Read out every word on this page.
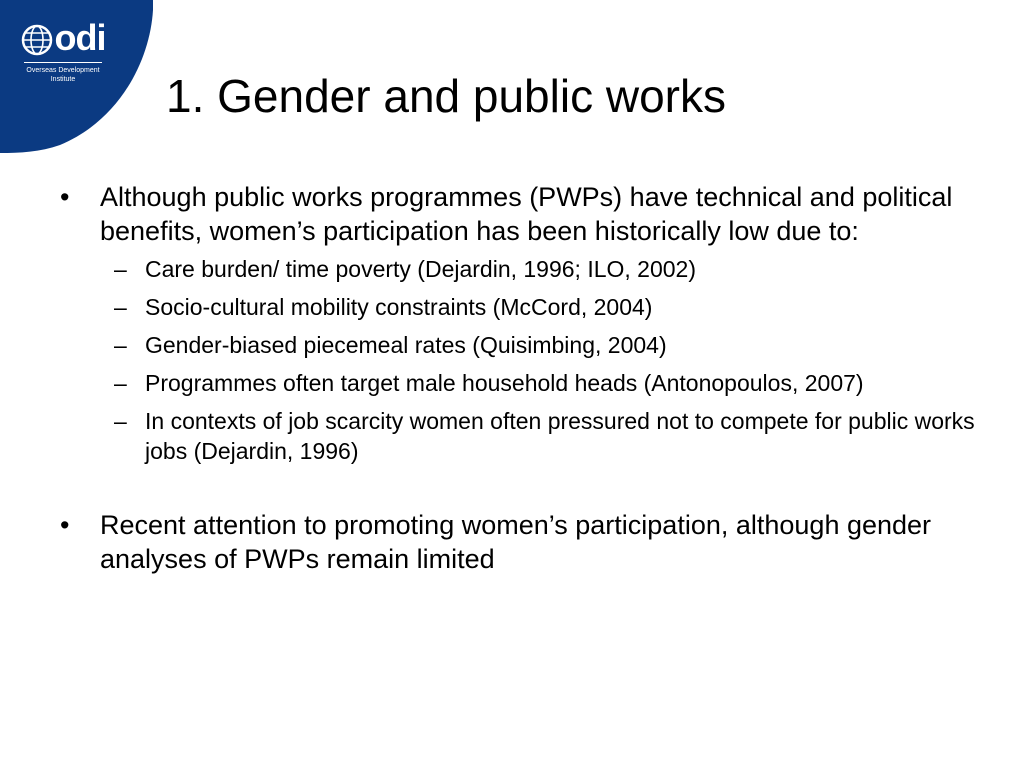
odi
Overseas Development
Institute	1. Gender and public works
• Although public works programmes (PWPs) have technical and political benefits, women’s participation has been historically low due to:
– Care burden/ time poverty (Dejardin, 1996; ILO, 2002)
– Socio-cultural mobility constraints (McCord, 2004)
– Gender-biased piecemeal rates (Quisimbing, 2004)
– Programmes often target male household heads (Antonopoulos, 2007)
– In contexts of job scarcity women often pressured not to compete for public works jobs (Dejardin, 1996)
• Recent attention to promoting women’s participation, although gender analyses of PWPs remain limited
